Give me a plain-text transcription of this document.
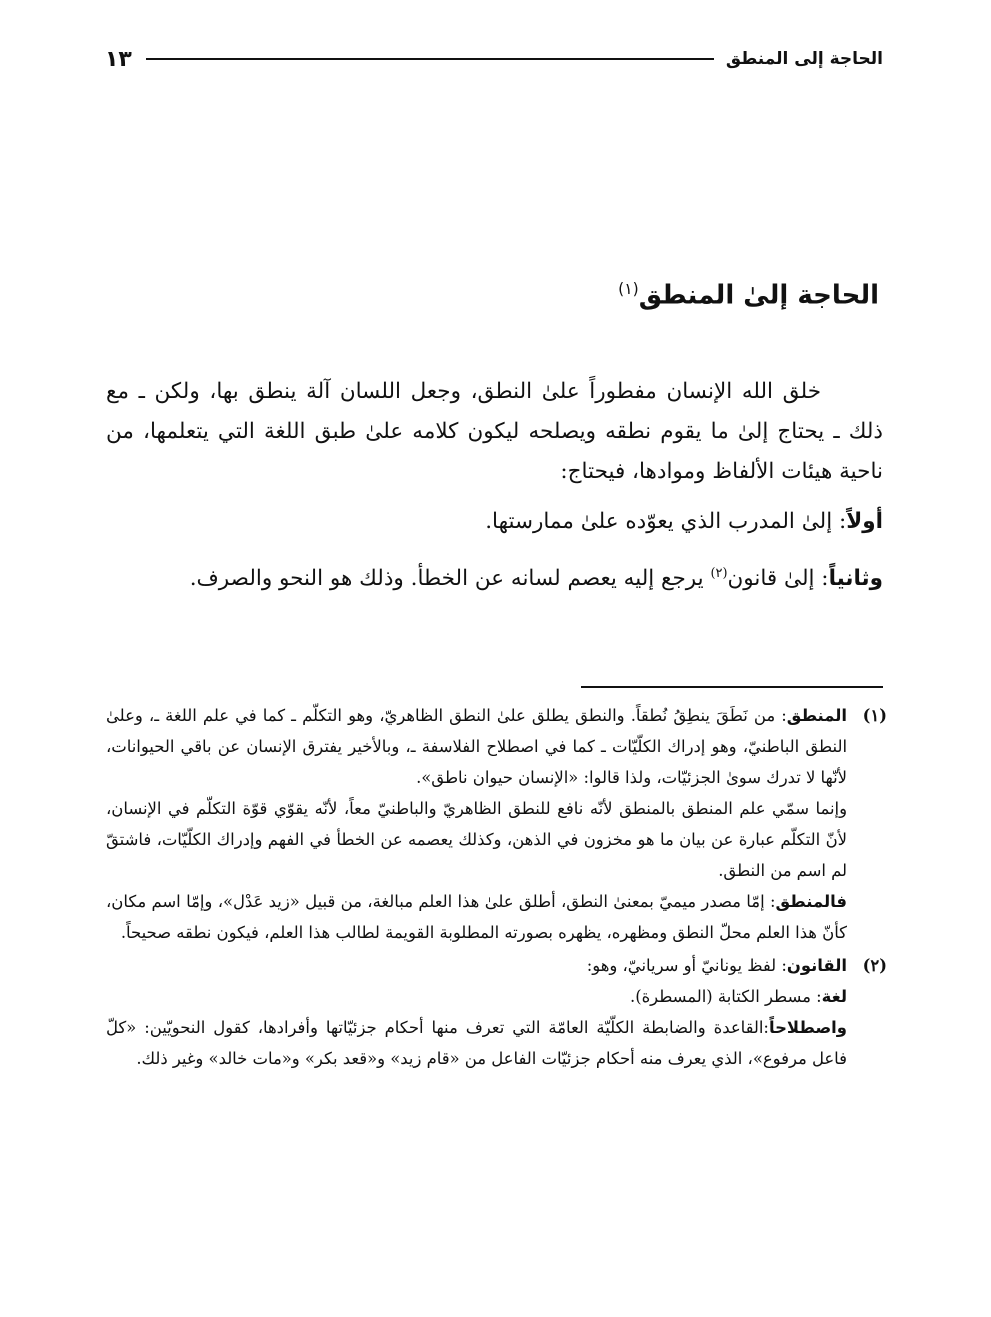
الحاجة إلى المنطق
١٣
الحاجة إلىٰ المنطق$^{(١)}$

خلق الله الإنسان مفطوراً علىٰ النطق، وجعل اللسان آلة ينطق بها، ولكن ـ مع ذلك ـ يحتاج إلىٰ ما يقوم نطقه ويصلحه ليكون كلامه علىٰ طبق اللغة التي يتعلمها، من ناحية هيئات الألفاظ وموادها، فيحتاج:

أولاً: إلىٰ المدرب الذي يعوّده علىٰ ممارستها.

وثانياً: إلىٰ قانون$^{(٢)}$ يرجع إليه يعصم لسانه عن الخطأ. وذلك هو النحو والصرف.

(١)المنطق: من نَطَقَ ينطِقُ نُطقاً. والنطق يطلق علىٰ النطق الظاهريّ، وهو التكلّم ـ كما في علم اللغة ـ، وعلىٰ النطق الباطنيّ، وهو إدراك الكلّيّات ـ كما في اصطلاح الفلاسفة ـ، وبالأخير يفترق الإنسان عن باقي الحيوانات، لأنّها لا تدرك سوىٰ الجزئيّات، ولذا قالوا: «الإنسان حيوان ناطق».

وإنما سمّي علم المنطق بالمنطق لأنّه نافع للنطق الظاهريّ والباطنيّ معاً، لأنّه يقوّي قوّة التكلّم في الإنسان، لأنّ التكلّم عبارة عن بيان ما هو مخزون في الذهن، وكذلك يعصمه عن الخطأ في الفهم وإدراك الكلّيّات، فاشتقّ لم اسم من النطق.

فالمنطق: إمّا مصدر ميميّ بمعنىٰ النطق، أطلق علىٰ هذا العلم مبالغة، من قبيل «زيد عَدْل»، وإمّا اسم مكان، كأنّ هذا العلم محلّ النطق ومظهره، يظهره بصورته المطلوبة القويمة لطالب هذا العلم، فيكون نطقه صحيحاً.

(٢)القانون: لفظ يونانيّ أو سريانيّ، وهو:

لغة: مسطر الكتابة (المسطرة).

واصطلاحاً:القاعدة والضابطة الكلّيّة العامّة التي تعرف منها أحكام جزئيّاتها وأفرادها، كقول النحويّين: «كلّ فاعل مرفوع»، الذي يعرف منه أحكام جزئيّات الفاعل من «قام زيد» و«قعد بكر» و«مات خالد» وغير ذلك.
